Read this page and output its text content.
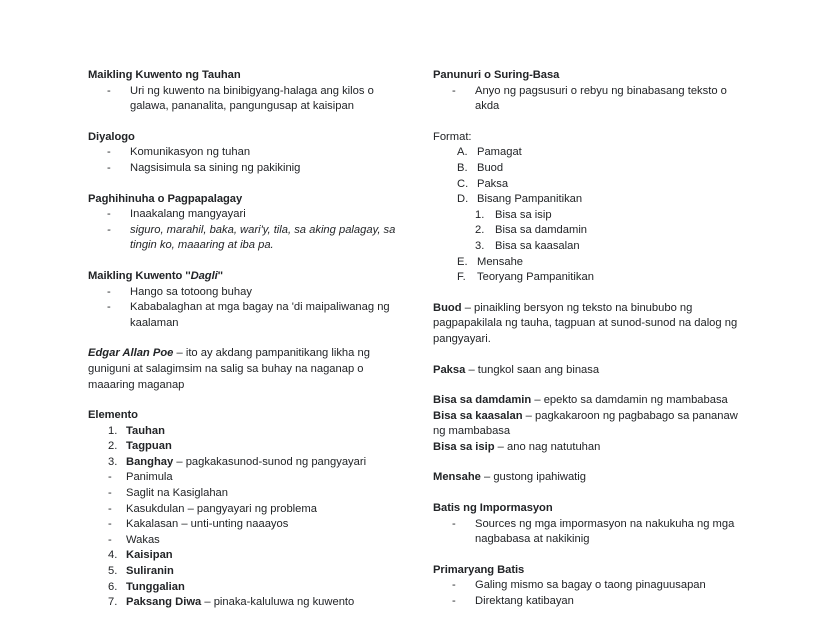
Maikling Kuwento ng Tauhan
- Uri ng kuwento na binibigyang-halaga ang kilos o galawa, pananalita, pangungusap at kaisipan
Diyalogo
- Komunikasyon ng tuhan
- Nagsisimula sa sining ng pakikinig
Paghihinuha o Pagpapalagay
- Inaakalang mangyayari
- siguro, marahil, baka, wari'y, tila, sa aking palagay, sa tingin ko, maaaring at iba pa.
Maikling Kuwento ''Dagli''
- Hango sa totoong buhay
- Kababalaghan at mga bagay na 'di maipaliwanag ng kaalaman
Edgar Allan Poe – ito ay akdang pampanitikang likha ng guniguni at salagimsim na salig sa buhay na naganap o maaaring maganap
Elemento
Tauhan
Tagpuan
Banghay – pagkakasunod-sunod ng pangyayari
- Panimula
- Saglit na Kasiglahan
- Kasukdulan – pangyayari ng problema
- Kakalasan – unti-unting naaayos
- Wakas
Kaisipan
Suliranin
Tunggalian
Paksang Diwa – pinaka-kaluluwa ng kuwento
Panunuri o Suring-Basa
- Anyo ng pagsusuri o rebyu ng binabasang teksto o akda
Format:
Pamagat
Buod
Paksa
Bisang Pampanitikan
Bisa sa isip
Bisa sa damdamin
Bisa sa kaasalan
Mensahe
Teoryang Pampanitikan
Buod – pinaikling bersyon ng teksto na binububo ng pagpapakilala ng tauha, tagpuan at sunod-sunod na dalog ng pangyayari.
Paksa – tungkol saan ang binasa
Bisa sa damdamin – epekto sa damdamin ng mambabasa
Bisa sa kaasalan – pagkakaroon ng pagbabago sa pananaw ng mambabasa
Bisa sa isip – ano nag natutuhan
Mensahe – gustong ipahiwatig
Batis ng Impormasyon
- Sources ng mga impormasyon na nakukuha ng mga nagbabasa at nakikinig
Primaryang Batis
- Galing mismo sa bagay o taong pinaguusapan
- Direktang katibayan
